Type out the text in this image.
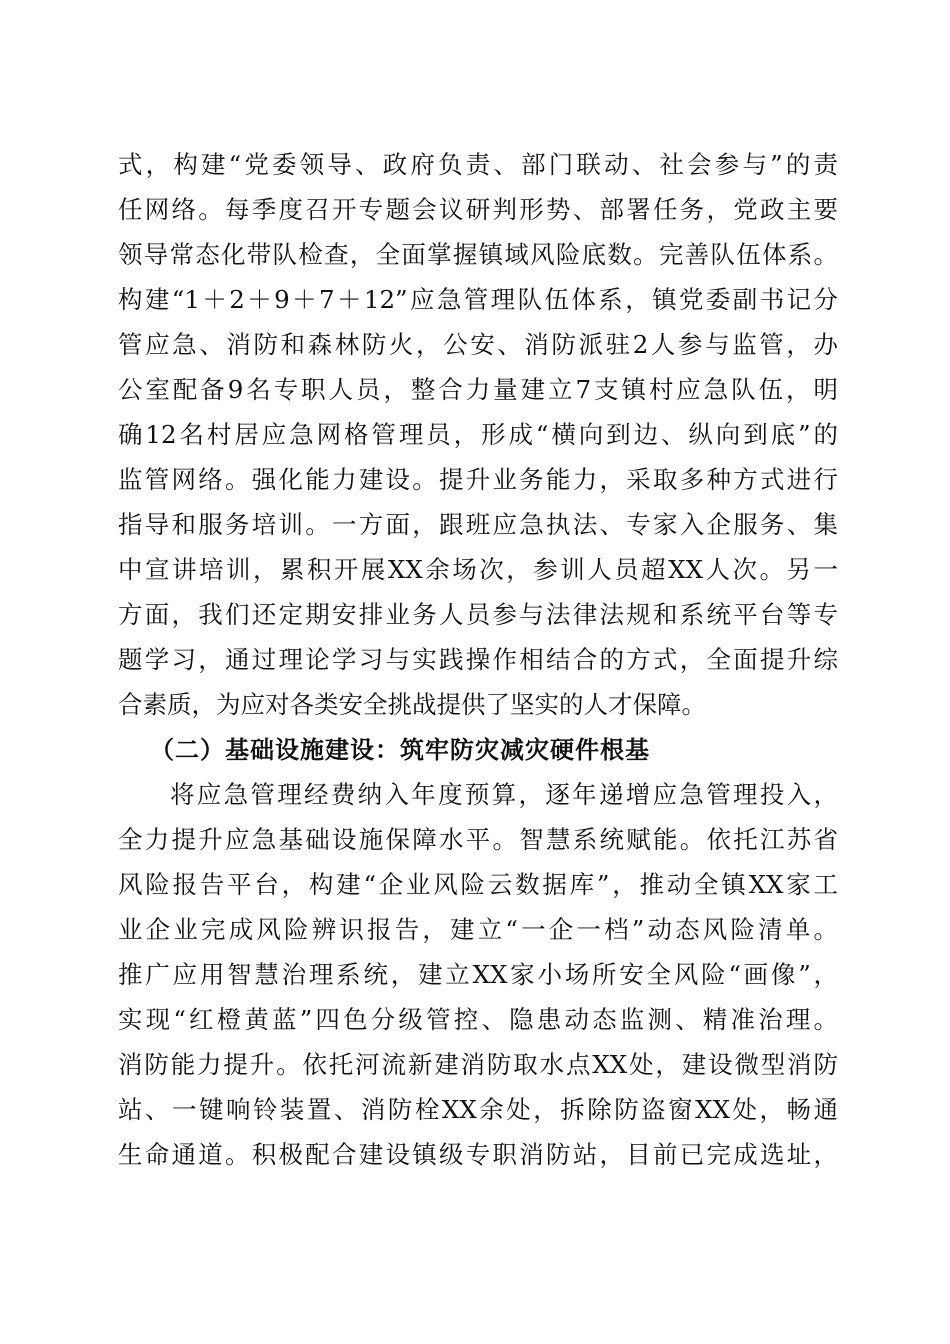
式，构建“党委领导、政府负责、部门联动、社会参与”的责
任网络。每季度召开专题会议研判形势、部署任务，党政主要
领导常态化带队检查，全面掌握镇域风险底数。完善队伍体系。
构建“1＋2＋9＋7＋12”应急管理队伍体系，镇党委副书记分
管应急、消防和森林防火，公安、消防派驻2人参与监管，办
公室配备9名专职人员，整合力量建立7支镇村应急队伍，明
确12名村居应急网格管理员，形成“横向到边、纵向到底”的
监管网络。强化能力建设。提升业务能力，采取多种方式进行
指导和服务培训。一方面，跟班应急执法、专家入企服务、集
中宣讲培训，累积开展XX余场次，参训人员超XX人次。另一
方面，我们还定期安排业务人员参与法律法规和系统平台等专
题学习，通过理论学习与实践操作相结合的方式，全面提升综
合素质，为应对各类安全挑战提供了坚实的人才保障。
（二）基础设施建设：筑牢防灾减灾硬件根基
将应急管理经费纳入年度预算，逐年递增应急管理投入，
全力提升应急基础设施保障水平。智慧系统赋能。依托江苏省
风险报告平台，构建“企业风险云数据库”，推动全镇XX家工
业企业完成风险辨识报告，建立“一企一档”动态风险清单。
推广应用智慧治理系统，建立XX家小场所安全风险“画像”，
实现“红橙黄蓝”四色分级管控、隐患动态监测、精准治理。
消防能力提升。依托河流新建消防取水点XX处，建设微型消防
站、一键响铃装置、消防栓XX余处，拆除防盗窗XX处，畅通
生命通道。积极配合建设镇级专职消防站，目前已完成选址，
